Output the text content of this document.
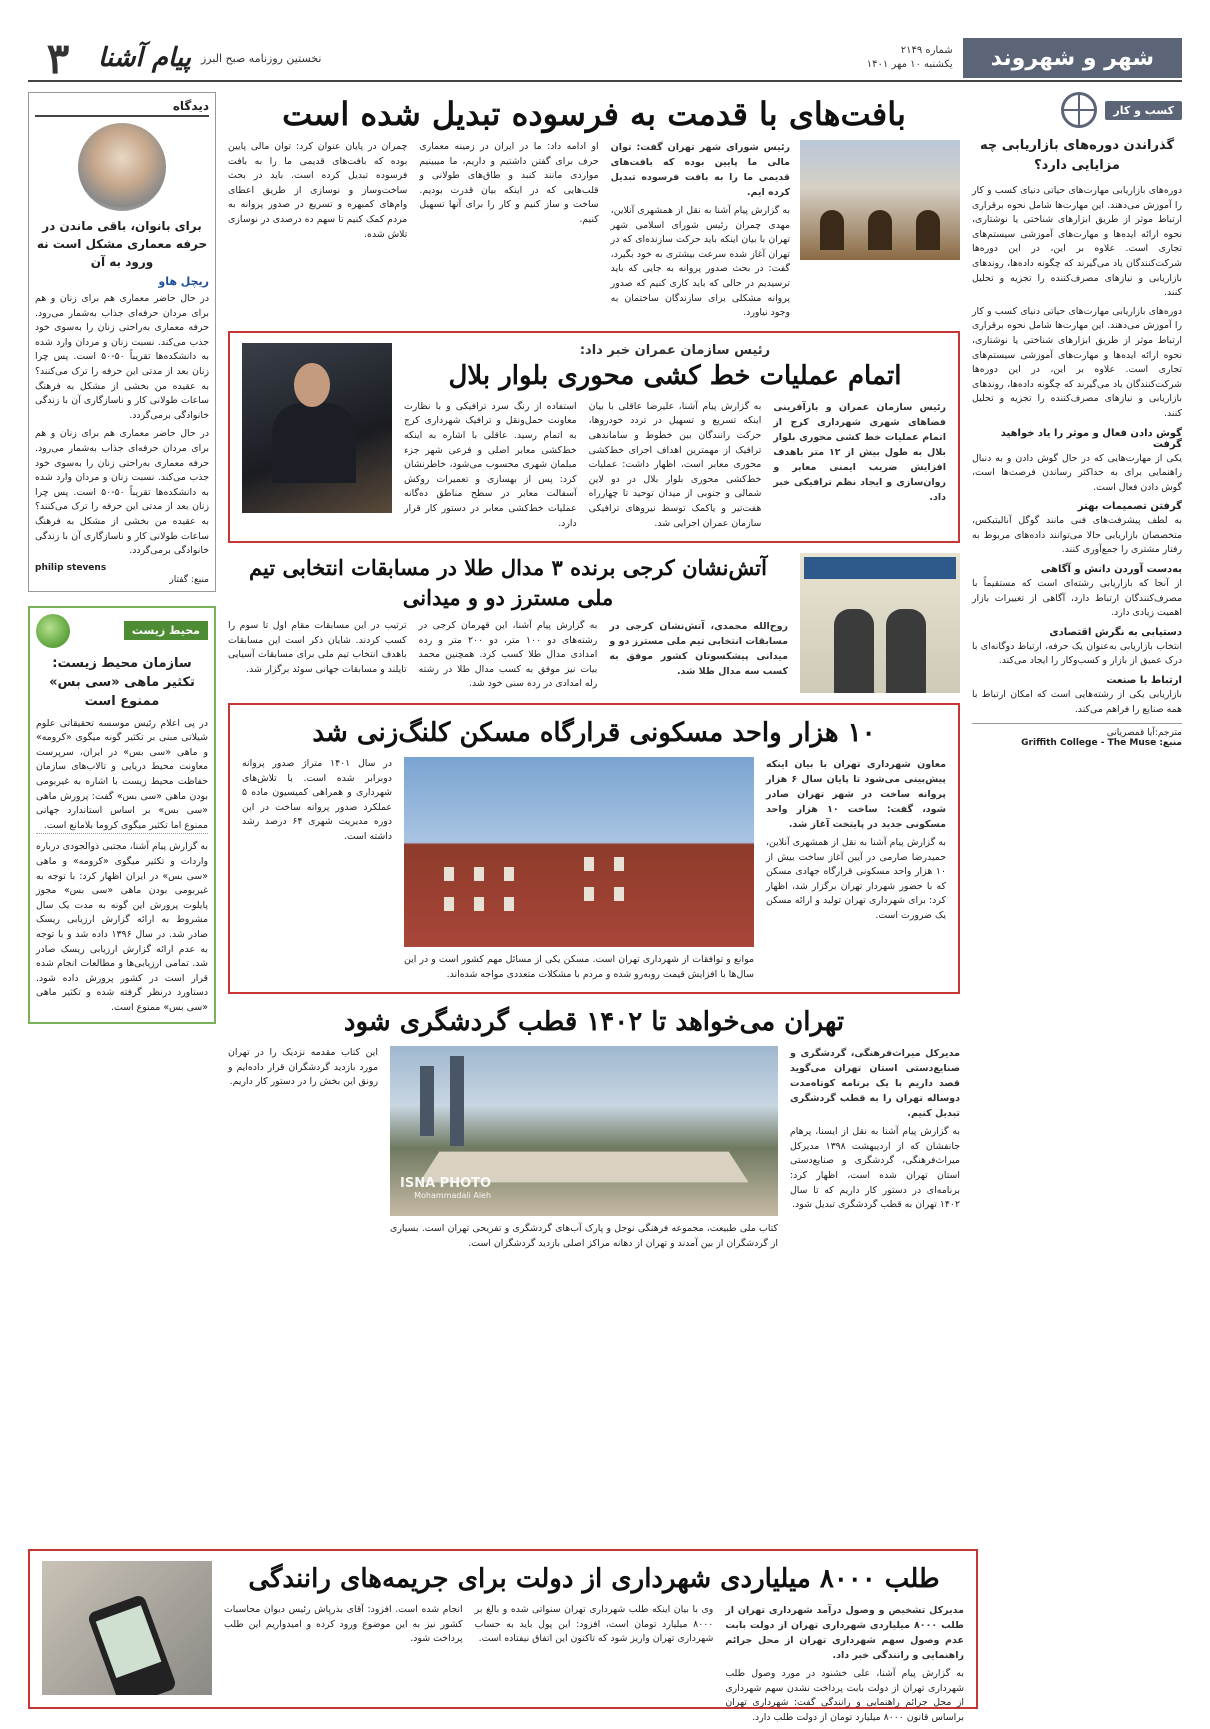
شهر و شهروند
شماره ۲۱۴۹
یکشنبه ۱۰ مهر ۱۴۰۱
نخستین روزنامه صبح البرز
پیام آشنا
۳
کسب و کار
گذراندن دوره‌های بازاریابی چه مزایایی دارد؟
دوره‌های بازاریابی مهارت‌های حیاتی دنیای کسب و کار را آموزش می‌دهند. این مهارت‌ها شامل نحوه برقراری ارتباط موثر از طریق ابزارهای شناختی یا نوشتاری، نحوه ارائه ایده‌ها و مهارت‌های آموزشی سیستم‌های تجاری است. علاوه بر این، در این دوره‌ها شرکت‌کنندگان یاد می‌گیرند که چگونه داده‌ها، روندهای بازاریابی و نیازهای مصرف‌کننده را تجزیه و تحلیل کنند.
دوره‌های بازاریابی مهارت‌های حیاتی دنیای کسب و کار را آموزش می‌دهند. این مهارت‌ها شامل نحوه برقراری ارتباط موثر از طریق ابزارهای شناختی یا نوشتاری، نحوه ارائه ایده‌ها و مهارت‌های آموزشی سیستم‌های تجاری است. علاوه بر این، در این دوره‌ها شرکت‌کنندگان یاد می‌گیرند که چگونه داده‌ها، روندهای بازاریابی و نیازهای مصرف‌کننده را تجزیه و تحلیل کنند.
گوش دادن فعال و موثر را یاد خواهید گرفت
یکی از مهارت‌هایی که در حال گوش دادن و به دنبال راهنمایی برای به حداکثر رساندن فرصت‌ها است، گوش دادن فعال است.
گرفتن تصمیمات بهتر
به لطف پیشرفت‌های فنی مانند گوگل آنالیتیکس، متخصصان بازاریابی حالا می‌توانند داده‌های مربوط به رفتار مشتری را جمع‌آوری کنند.
به‌دست آوردن دانش و آگاهی
از آنجا که بازاریابی رشته‌ای است که مستقیماً با مصرف‌کنندگان ارتباط دارد، آگاهی از تغییرات بازار اهمیت زیادی دارد.
دستیابی به نگرش اقتصادی
انتخاب بازاریابی به‌عنوان یک حرفه، ارتباط دوگانه‌ای با درک عمیق از بازار و کسب‌وکار را ایجاد می‌کند.
ارتباط با صنعت
بازاریابی یکی از رشته‌هایی است که امکان ارتباط با همه صنایع را فراهم می‌کند.
مترجم:آیا قمصریانی
منبع: Griffith College - The Muse
بافت‌های با قدمت به فرسوده تبدیل شده است
رئیس شورای شهر تهران گفت: توان مالی ما پایین بوده که بافت‌های قدیمی ما را به بافت فرسوده تبدیل کرده ایم.
به گزارش پیام آشنا به نقل از همشهری آنلاین، مهدی چمران رئیس شورای اسلامی شهر تهران با بیان اینکه باید حرکت سازنده‌ای که در تهران آغاز شده سرعت بیشتری به خود بگیرد، گفت: در بحث صدور پروانه به جایی که باید ترسیدیم در حالی که باید کاری کنیم که صدور پروانه مشکلی برای سازندگان ساختمان به وجود نیاورد.
او ادامه داد: ما در ایران در زمینه معماری حرف برای گفتن داشتیم و داریم، ما میبینیم مواردی مانند کنبد و طاق‌های طولانی و قلب‌هایی که در اینکه بیان قدرت بودیم. ساخت و ساز کنیم و کار را برای آنها تسهیل کنیم.
چمران در پایان عنوان کرد: توان مالی پایین بوده که بافت‌های قدیمی ما را به بافت فرسوده تبدیل کرده است. باید در بحث ساخت‌وساز و نوسازی از طریق اعطای وام‌های کمبهره و تسریع در صدور پروانه به مردم کمک کنیم تا سهم ده درصدی در نوسازی تلاش شده.
رئیس سازمان عمران خبر داد:
اتمام عملیات خط کشی محوری بلوار بلال
رئیس سازمان عمران و بازآفرینی فضاهای شهری شهرداری کرج از اتمام عملیات خط کشی محوری بلوار بلال به طول بیش از ۱۲ متر باهدف افزایش ضریب ایمنی معابر و روان‌سازی و ایجاد نظم ترافیکی خبر داد.
به گزارش پیام آشنا، علیرضا عاقلی با بیان اینکه تسریع و تسهیل در تردد خودروها، حرکت رانندگان بین خطوط و ساماندهی ترافیک از مهمترین اهداف اجرای خط‌کشی محوری معابر است، اظهار داشت: عملیات خط‌کشی محوری بلوار بلال در دو لاین شمالی و جنوبی از میدان توحید تا چهارراه هفت‌تیر و یا‌کمک توسط نیروهای ترافیکی سازمان عمران اجرایی شد.
استفاده از رنگ سرد ترافیکی و با نظارت معاونت حمل‌ونقل و ترافیک شهرداری کرج به اتمام رسید. عاقلی با اشاره به اینکه خط‌کشی معابر اصلی و فرعی شهر جزء مبلمان شهری محسوب می‌شود، خاطرنشان کرد: پس از بهسازی و تعمیرات روکش آسفالت معابر در سطح مناطق ده‌گانه عملیات خط‌کشی معابر در دستور کار قرار دارد.
آتش‌نشان کرجی برنده ۳ مدال طلا در مسابقات انتخابی تیم ملی مسترز دو و میدانی
روح‌الله محمدی، آتش‌نشان کرجی در مسابقات انتخابی تیم ملی مسترز دو و میدانی پیشکسوتان کشور موفق به کسب سه مدال طلا شد.
به گزارش پیام آشنا، این قهرمان کرجی در رشته‌های دو ۱۰۰ متر، دو ۲۰۰ متر و رده امدادی مدال طلا کسب کرد. همچنین محمد بیات نیز موفق به کسب مدال طلا در رشته رله امدادی در رده سنی خود شد.
ترتیب در این مسابقات مقام اول تا سوم را کسب کردند. شایان ذکر است این مسابقات باهدف انتخاب تیم ملی برای مسابقات آسیایی تایلند و مسابقات جهانی سوئد برگزار شد.
۱۰ هزار واحد مسکونی قرارگاه مسکن کلنگ‌زنی شد
معاون شهرداری تهران با بیان اینکه پیش‌بینی می‌شود تا پایان سال ۶ هزار پروانه ساخت در شهر تهران صادر شود، گفت: ساخت ۱۰ هزار واحد مسکونی جدید در پایتخت آغاز شد.
به گزارش پیام آشنا به نقل از همشهری آنلاین، حمیدرضا صارمی در آیین آغاز ساخت بیش از ۱۰ هزار واحد مسکونی قرارگاه جهادی مسکن که با حضور شهردار تهران برگزار شد، اظهار کرد: برای شهرداری تهران تولید و ارائه مسکن یک ضرورت است.
موانع و توافقات از شهرداری تهران است. مسکن یکی از مسائل مهم کشور است و در این سال‌ها با افزایش قیمت روبه‌رو شده و مردم با مشکلات متعددی مواجه شده‌اند.
در سال ۱۴۰۱ متراژ صدور پروانه دوبرابر شده است. با تلاش‌های شهرداری و همراهی کمیسیون ماده ۵ عملکرد صدور پروانه ساخت در این دوره مدیریت شهری ۶۴ درصد رشد داشته است.
تهران می‌خواهد تا ۱۴۰۲ قطب گردشگری شود
مدیرکل میراث‌فرهنگی، گردشگری و صنایع‌دستی استان تهران می‌گوید قصد داریم با یک برنامه کوتاه‌مدت دوساله تهران را به قطب گردشگری تبدیل کنیم.
به گزارش پیام آشنا به نقل از ایسنا، پرهام جانفشان که از اردیبهشت ۱۳۹۸ مدیرکل میراث‌فرهنگی، گردشگری و صنایع‌دستی استان تهران شده است، اظهار کرد: برنامه‌ای در دستور کار داریم که تا سال ۱۴۰۲ تهران به قطب گردشگری تبدیل شود.
ISNA PHOTO
Mohammadali Aleh
کتاب ملی طبیعت، مجموعه فرهنگی نوجل و پارک آب‌های گردشگری و تفریحی تهران است. بسیاری از گردشگران از بین آمدند و تهران از دهانه مراکز اصلی بازدید گردشگران است.
این کتاب مقدمه نزدیک را در تهران مورد بازدید گردشگران قرار داده‌ایم و رونق این بخش را در دستور کار داریم.
دیدگاه
برای بانوان، باقی ماندن در حرفه معماری مشکل است نه ورود به آن
ریچل هاو
در حال حاضر معماری هم برای زنان و هم برای مردان حرفه‌ای جذاب به‌شمار می‌رود. حرفه معماری به‌راحتی زنان را به‌سوی خود جذب می‌کند. نسبت زنان و مردان وارد شده به دانشکده‌ها تقریباً ۵۰-۵۰ است. پس چرا زنان بعد از مدتی این حرفه را ترک می‌کنند؟ به عقیده من بخشی از مشکل به فرهنگ ساعات طولانی کار و ناسازگاری آن با زندگی خانوادگی برمی‌گردد.
در حال حاضر معماری هم برای زنان و هم برای مردان حرفه‌ای جذاب به‌شمار می‌رود. حرفه معماری به‌راحتی زنان را به‌سوی خود جذب می‌کند. نسبت زنان و مردان وارد شده به دانشکده‌ها تقریباً ۵۰-۵۰ است. پس چرا زنان بعد از مدتی این حرفه را ترک می‌کنند؟ به عقیده من بخشی از مشکل به فرهنگ ساعات طولانی کار و ناسازگاری آن با زندگی خانوادگی برمی‌گردد.
philip stevens
منبع: گفتار
محیط زیست
سازمان محیط زیست: تکثیر ماهی «سی بس» ممنوع است
در پی اعلام رئیس موسسه تحقیقاتی علوم شیلاتی مبنی بر تکثیر گونه میگوی «کرومه» و ماهی «سی بس» در ایران، سرپرست معاونت محیط دریایی و تالاب‌های سازمان حفاظت محیط زیست با اشاره به غیربومی بودن ماهی «سی بس» گفت: پرورش ماهی «سی بس» بر اساس استاندارد جهانی ممنوع اما تکثیر میگوی کروما بلامانع است.
به گزارش پیام آشنا، مجتبی ذوالجودی درباره واردات و تکثیر میگوی «کرومه» و ماهی «سی بس» در ایران اظهار کرد: با توجه به غیربومی بودن ماهی «سی بس» مجوز پایلوت پرورش این گونه به مدت یک سال مشروط به ارائه گزارش ارزیابی ریسک صادر شد. در سال ۱۳۹۶ داده شد و با توجه به عدم ارائه گزارش ارزیابی ریسک صادر شد. تمامی ارزیابی‌ها و مطالعات انجام شده قرار است در کشور پرورش داده شود. دستاورد درنظر گرفته شده و تکثیر ماهی «سی بس» ممنوع است.
طلب ۸۰۰۰ میلیاردی شهرداری از دولت برای جریمه‌های رانندگی
مدیرکل تشخیص و وصول درآمد شهرداری تهران از طلب ۸۰۰۰ میلیاردی شهرداری تهران از دولت بابت عدم وصول سهم شهرداری تهران از محل جرائم راهنمایی و رانندگی خبر داد.
به گزارش پیام آشنا، علی خشنود در مورد وصول طلب شهرداری تهران از دولت بابت پرداخت نشدن سهم شهرداری از محل جرائم راهنمایی و رانندگی گفت: شهرداری تهران براساس قانون ۸۰۰۰ میلیارد تومان از دولت طلب دارد.
وی با بیان اینکه طلب شهرداری تهران سنواتی شده و بالغ بر ۸۰۰۰ میلیارد تومان است، افزود: این پول باید به حساب شهرداری تهران واریز شود که تاکنون این اتفاق نیفتاده است.
انجام شده است. افزود: آقای بذرپاش رئیس دیوان محاسبات کشور نیز به این موضوع ورود کرده و امیدواریم این طلب پرداخت شود.
